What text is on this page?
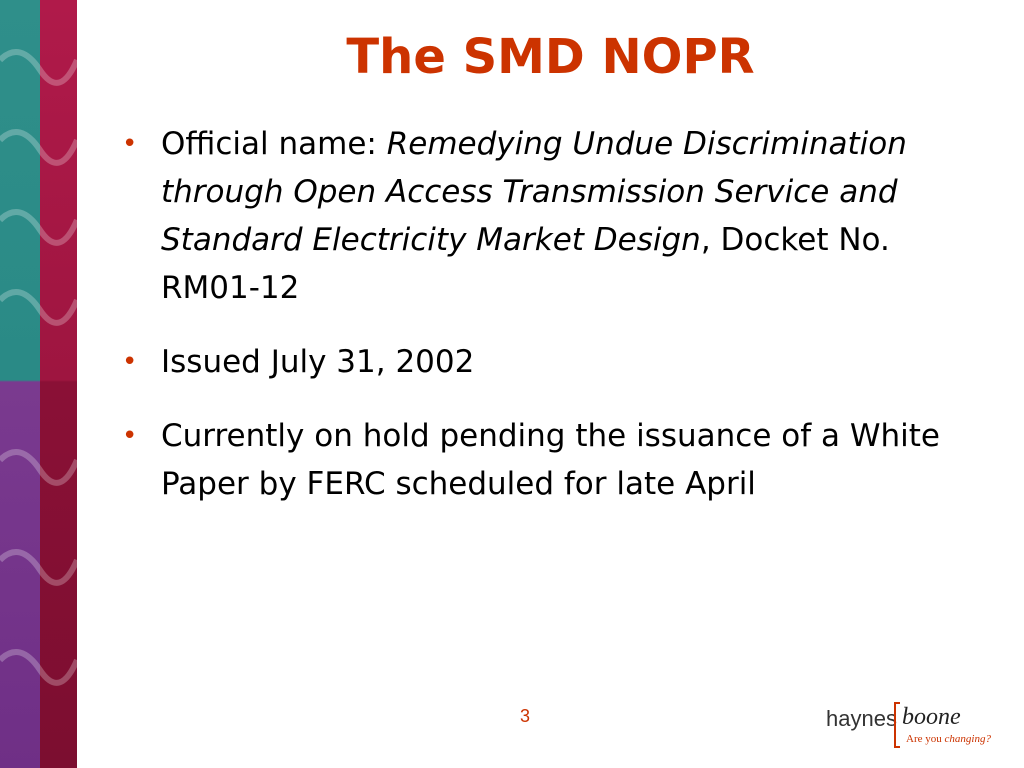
The SMD NOPR
• Official name: Remedying Undue Discrimination through Open Access Transmission Service and Standard Electricity Market Design, Docket No. RM01-12
• Issued July 31, 2002
• Currently on hold pending the issuance of a White Paper by FERC scheduled for late April
3	haynes boone
Are you changing?
